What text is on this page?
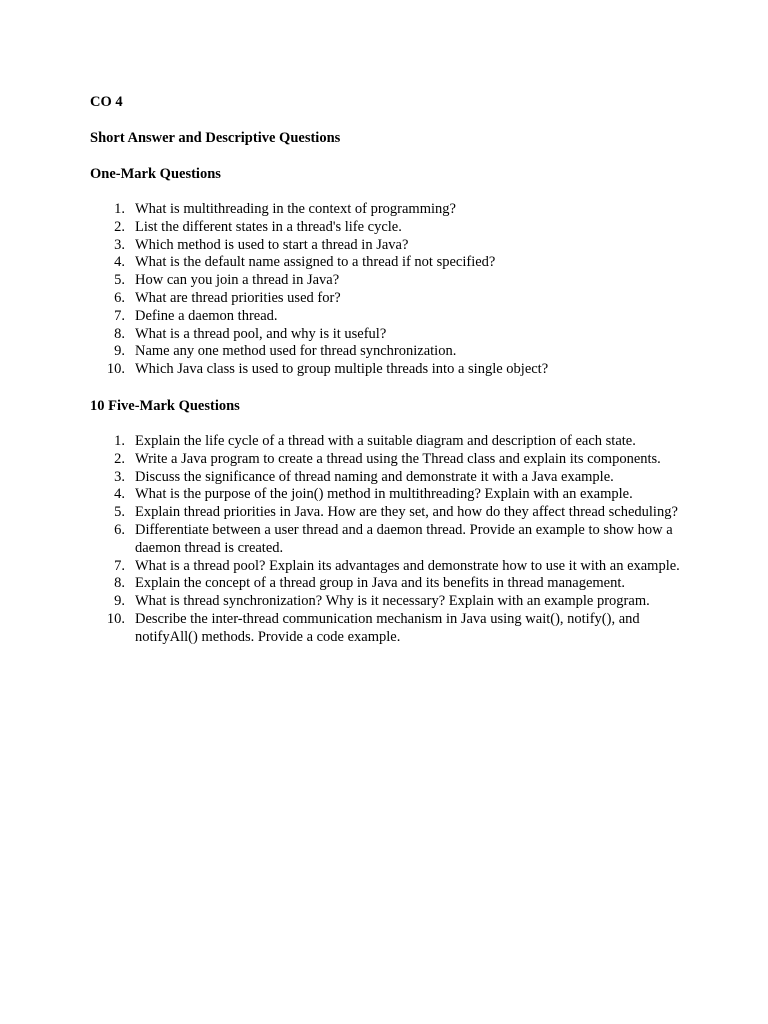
CO 4

Short Answer and Descriptive Questions

One-Mark Questions

1. What is multithreading in the context of programming?
2. List the different states in a thread's life cycle.
3. Which method is used to start a thread in Java?
4. What is the default name assigned to a thread if not specified?
5. How can you join a thread in Java?
6. What are thread priorities used for?
7. Define a daemon thread.
8. What is a thread pool, and why is it useful?
9. Name any one method used for thread synchronization.
10. Which Java class is used to group multiple threads into a single object?

10 Five-Mark Questions

1. Explain the life cycle of a thread with a suitable diagram and description of each state.
2. Write a Java program to create a thread using the Thread class and explain its components.
3. Discuss the significance of thread naming and demonstrate it with a Java example.
4. What is the purpose of the join() method in multithreading? Explain with an example.
5. Explain thread priorities in Java. How are they set, and how do they affect thread scheduling?
6. Differentiate between a user thread and a daemon thread. Provide an example to show how a daemon thread is created.
7. What is a thread pool? Explain its advantages and demonstrate how to use it with an example.
8. Explain the concept of a thread group in Java and its benefits in thread management.
9. What is thread synchronization? Why is it necessary? Explain with an example program.
10. Describe the inter-thread communication mechanism in Java using wait(), notify(), and notifyAll() methods. Provide a code example.
